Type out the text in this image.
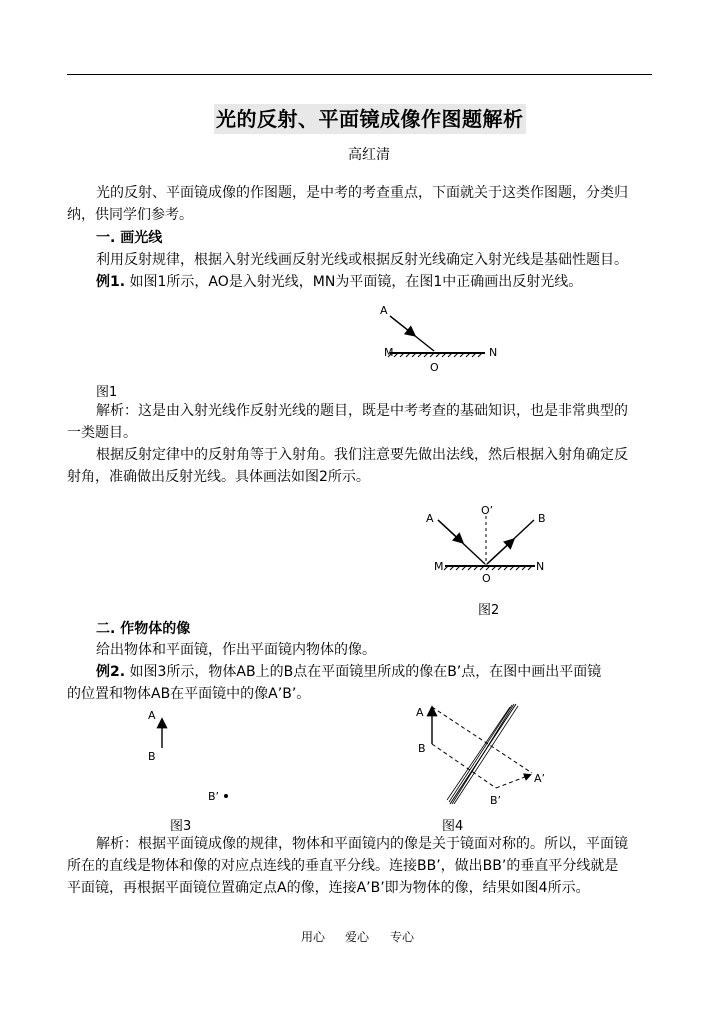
光的反射、平面镜成像作图题解析
高红清
光的反射、平面镜成像的作图题，是中考的考查重点，下面就关于这类作图题，分类归
纳，供同学们参考。
一. 画光线
利用反射规律，根据入射光线画反射光线或根据反射光线确定入射光线是基础性题目。
例1. 如图1所示，AO是入射光线，MN为平面镜，在图1中正确画出反射光线。
A
M	N
O
图1
解析：这是由入射光线作反射光线的题目，既是中考考查的基础知识，也是非常典型的
一类题目。
根据反射定律中的反射角等于入射角。我们注意要先做出法线，然后根据入射角确定反
射角，准确做出反射光线。具体画法如图2所示。
A	B
O’
M	N
O
图2
二. 作物体的像
给出物体和平面镜，作出平面镜内物体的像。
例2. 如图3所示，物体AB上的B点在平面镜里所成的像在B’点，在图中画出平面镜
的位置和物体AB在平面镜中的像A’B’。
A
B
B’
图3
A
B
A’
B’
图4
解析：根据平面镜成像的规律，物体和平面镜内的像是关于镜面对称的。所以，平面镜
所在的直线是物体和像的对应点连线的垂直平分线。连接BB’，做出BB’的垂直平分线就是
平面镜，再根据平面镜位置确定点A的像，连接A’B’即为物体的像，结果如图4所示。
用心 爱心 专心
